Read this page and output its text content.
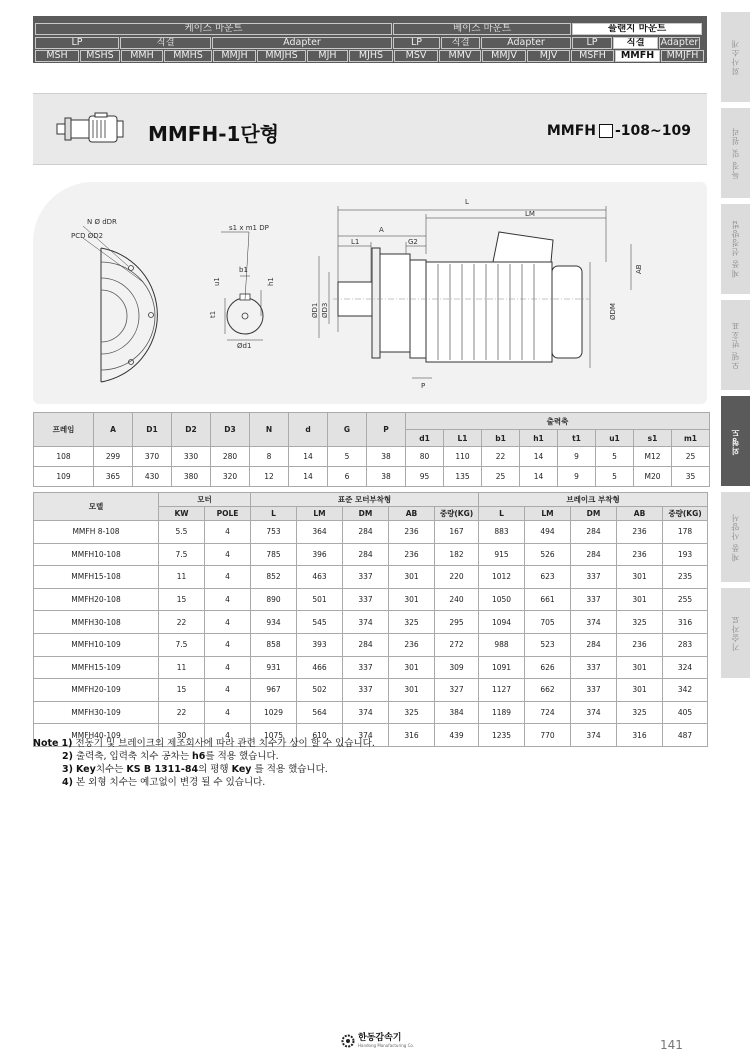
케이스 마운트	베이스 마운트	플랜지 마운트
LP	직결	Adapter	LP	직결	Adapter	LP	직결	Adapter
MSH	MSHS	MMH	MMHS	MMJH	MMJHS	MJH	MJHS	MSV	MMV	MMJV	MJV	MSFH	MMFH	MMJFH	회사소개
특징 및 원리
제품 선정방법
모델 번호표
외형도
제품 사양서
기술자료
MMFH-1단형	MMFH -108~109
N Ø dDR
PCD ØD2
s1 x m1 DP
b1
u1	h1
t1
Ød1
L
LM
A
L1	G2
AB
ØDM
ØD1 ØD3
P
프레임	A	D1	D2	D3	N	d	G	P	출력축							
									d1	L1	b1	h1	t1	u1	s1	m1
108	299	370	330	280	8	14	5	38	80	110	22	14	9	5	M12	25
109	365	430	380	320	12	14	6	38	95	135	25	14	9	5	M20	35
모델	모터		표준 모터부착형					브레이크 부착형				
	KW	POLE	L	LM	DM	AB	중량(KG)	L	LM	DM	AB	중량(KG)
MMFH 8-108	5.5	4	753	364	284	236	167	883	494	284	236	178
MMFH10-108	7.5	4	785	396	284	236	182	915	526	284	236	193
MMFH15-108	11	4	852	463	337	301	220	1012	623	337	301	235
MMFH20-108	15	4	890	501	337	301	240	1050	661	337	301	255
MMFH30-108	22	4	934	545	374	325	295	1094	705	374	325	316
MMFH10-109	7.5	4	858	393	284	236	272	988	523	284	236	283
MMFH15-109	11	4	931	466	337	301	309	1091	626	337	301	324
MMFH20-109	15	4	967	502	337	301	327	1127	662	337	301	342
MMFH30-109	22	4	1029	564	374	325	384	1189	724	374	325	405
MMFH40-109	30	4	1075	610	374	316	439	1235	770	374	316	487
Note 1) 전동기 및 브레이크의 제조회사에 따라 관련 치수가 상이 할 수 있습니다.
2) 출력축, 입력축 치수 공차는 h6를 적용 했습니다.
3) Key치수는 KS B 1311-84의 평행 Key 를 적용 했습니다.
4) 본 외형 치수는 예고없이 변경 될 수 있습니다.
한동감속기
Handong Manufacturing Co.	141
